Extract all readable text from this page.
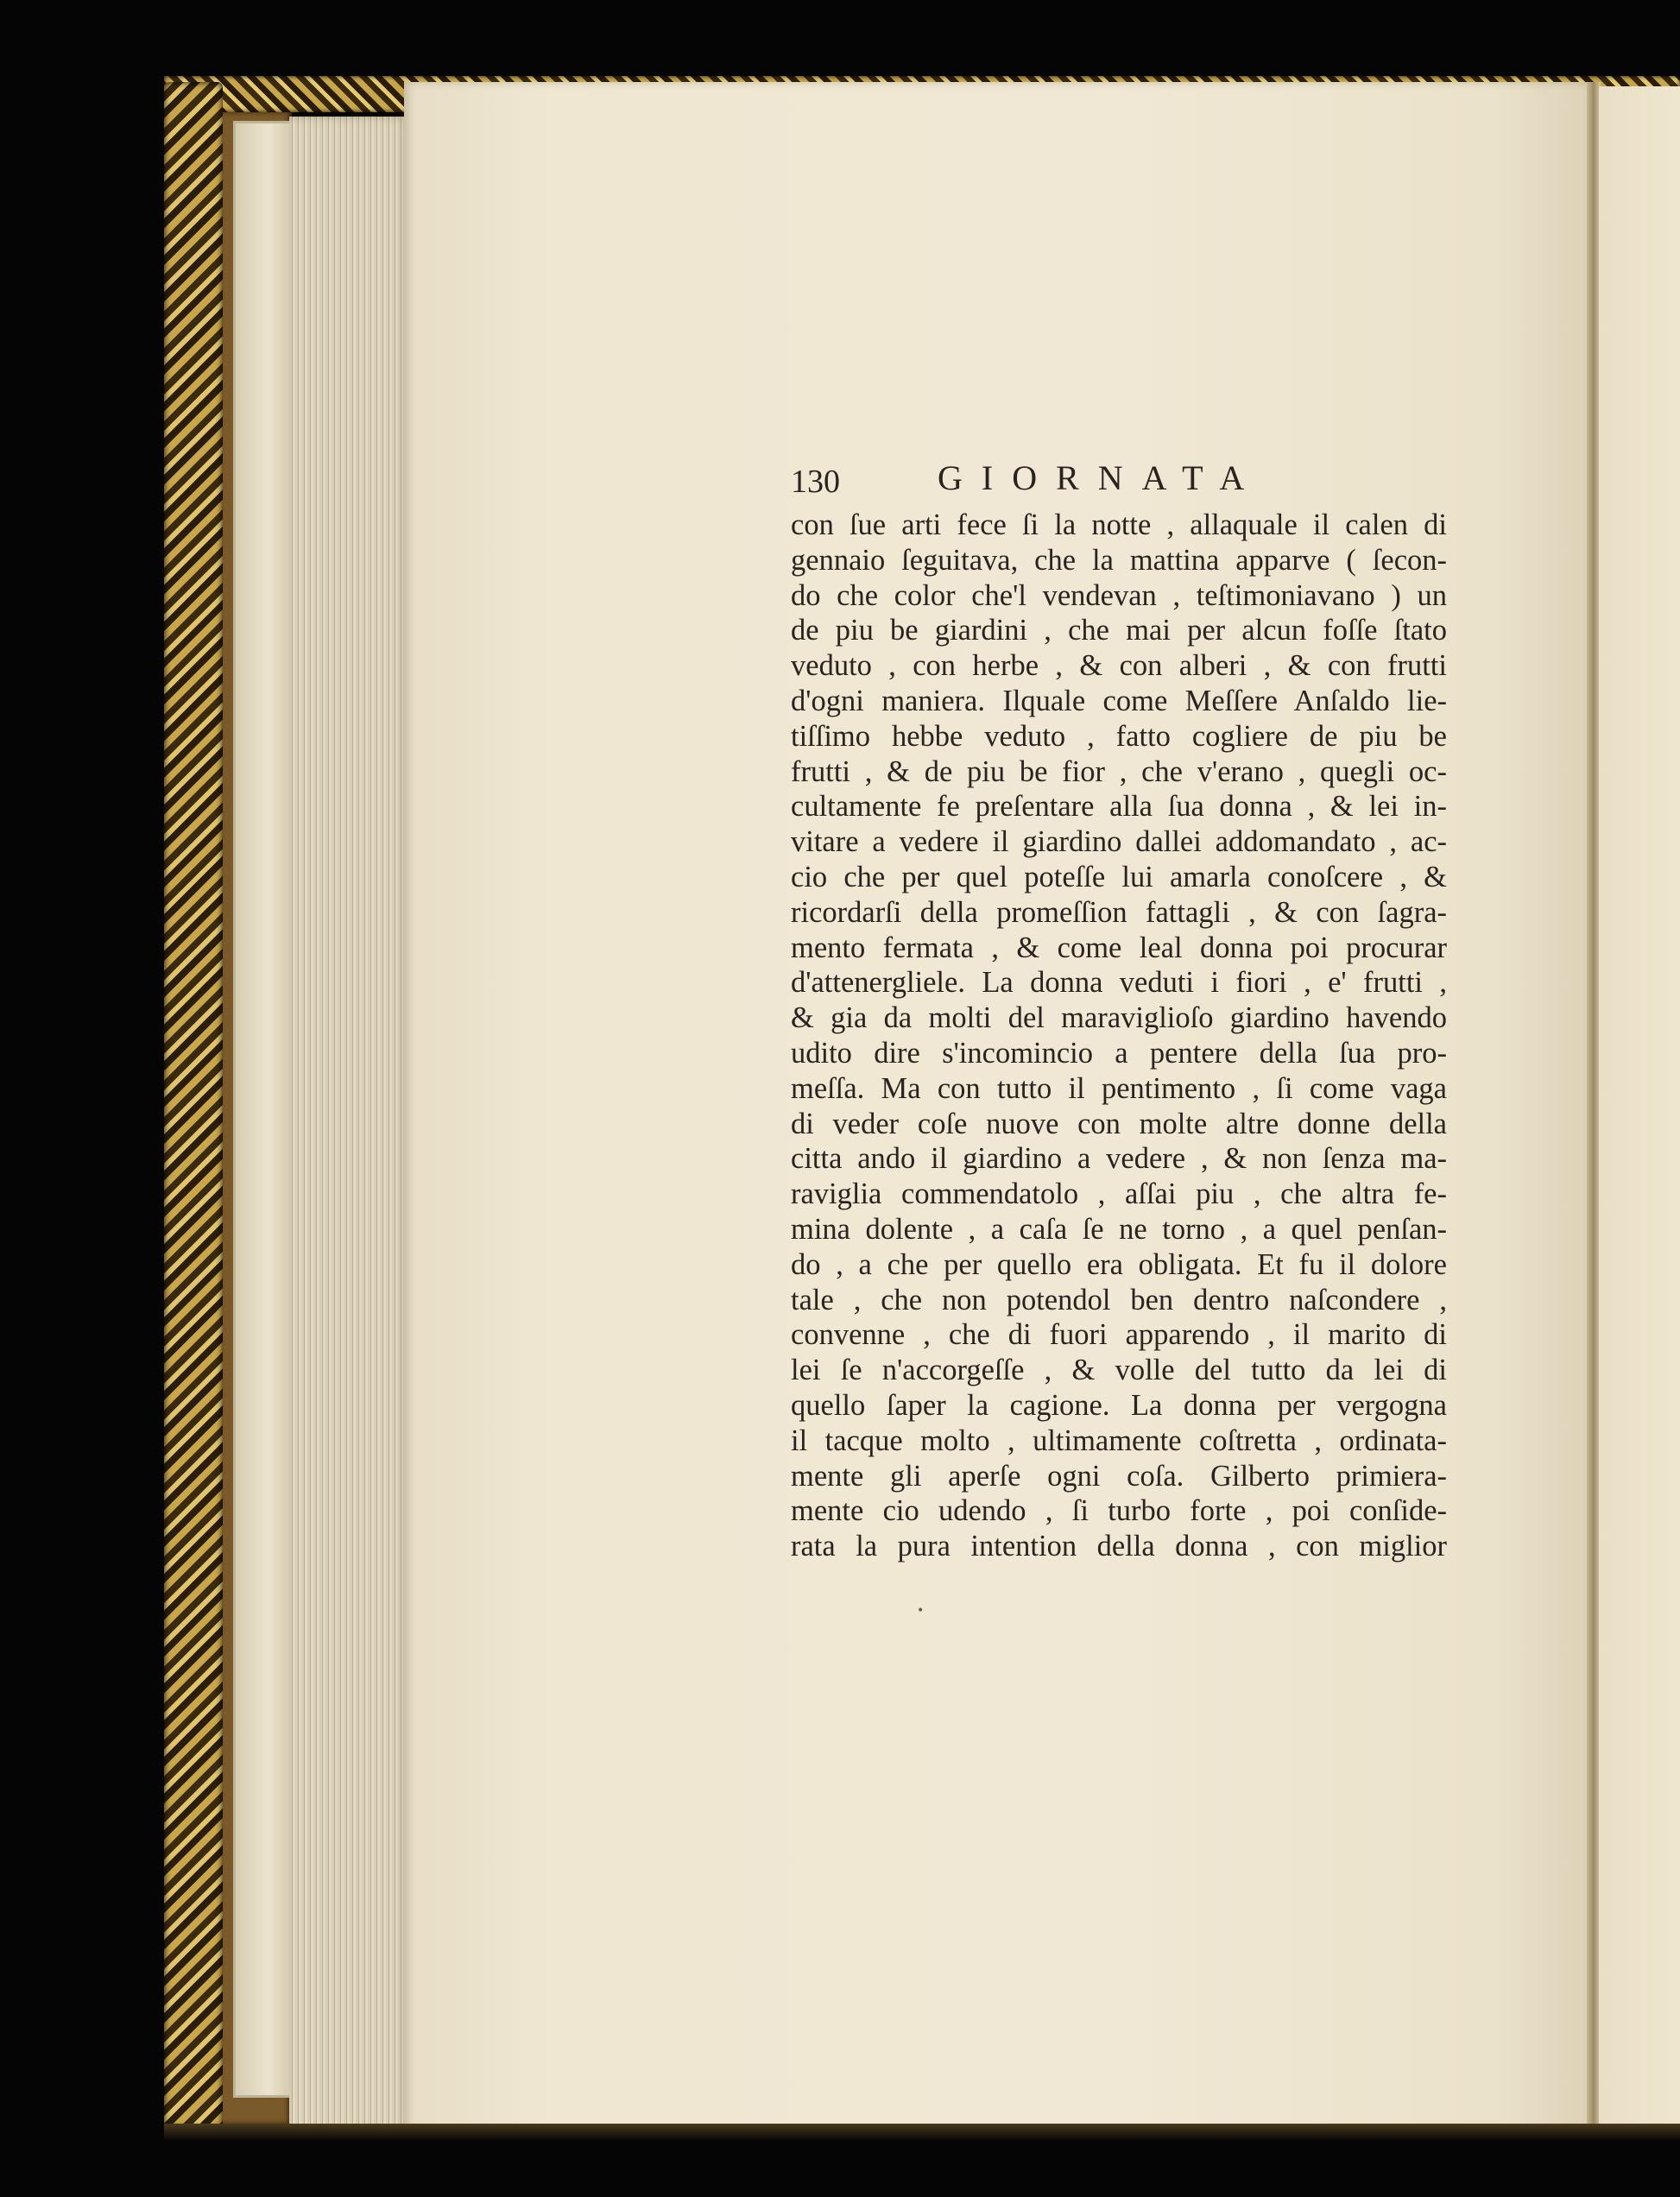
130	GIORNATA
con ſue arti fece ſi la notte , allaquale il calen di
gennaio ſeguitava, che la mattina apparve ( ſecon-
do che color che'l vendevan , teſtimoniavano ) un
de piu be giardini , che mai per alcun foſſe ſtato
veduto , con herbe , & con alberi , & con frutti
d'ogni maniera. Ilquale come Meſſere Anſaldo lie-
tiſſimo hebbe veduto , fatto cogliere de piu be
frutti , & de piu be fior , che v'erano , quegli oc-
cultamente fe preſentare alla ſua donna , & lei in-
vitare a vedere il giardino dallei addomandato , ac-
cio che per quel poteſſe lui amarla conoſcere , &
ricordarſi della promeſſion fattagli , & con ſagra-
mento fermata , & come leal donna poi procurar
d'attenergliele. La donna veduti i fiori , e' frutti ,
& gia da molti del maraviglioſo giardino havendo
udito dire s'incomincio a pentere della ſua pro-
meſſa. Ma con tutto il pentimento , ſi come vaga
di veder coſe nuove con molte altre donne della
citta ando il giardino a vedere , & non ſenza ma-
raviglia commendatolo , aſſai piu , che altra fe-
mina dolente , a caſa ſe ne torno , a quel penſan-
do , a che per quello era obligata. Et fu il dolore
tale , che non potendol ben dentro naſcondere ,
convenne , che di fuori apparendo , il marito di
lei ſe n'accorgeſſe , & volle del tutto da lei di
quello ſaper la cagione. La donna per vergogna
il tacque molto , ultimamente coſtretta , ordinata-
mente gli aperſe ogni coſa. Gilberto primiera-
mente cio udendo , ſi turbo forte , poi conſide-
rata la pura intention della donna , con miglior
•
